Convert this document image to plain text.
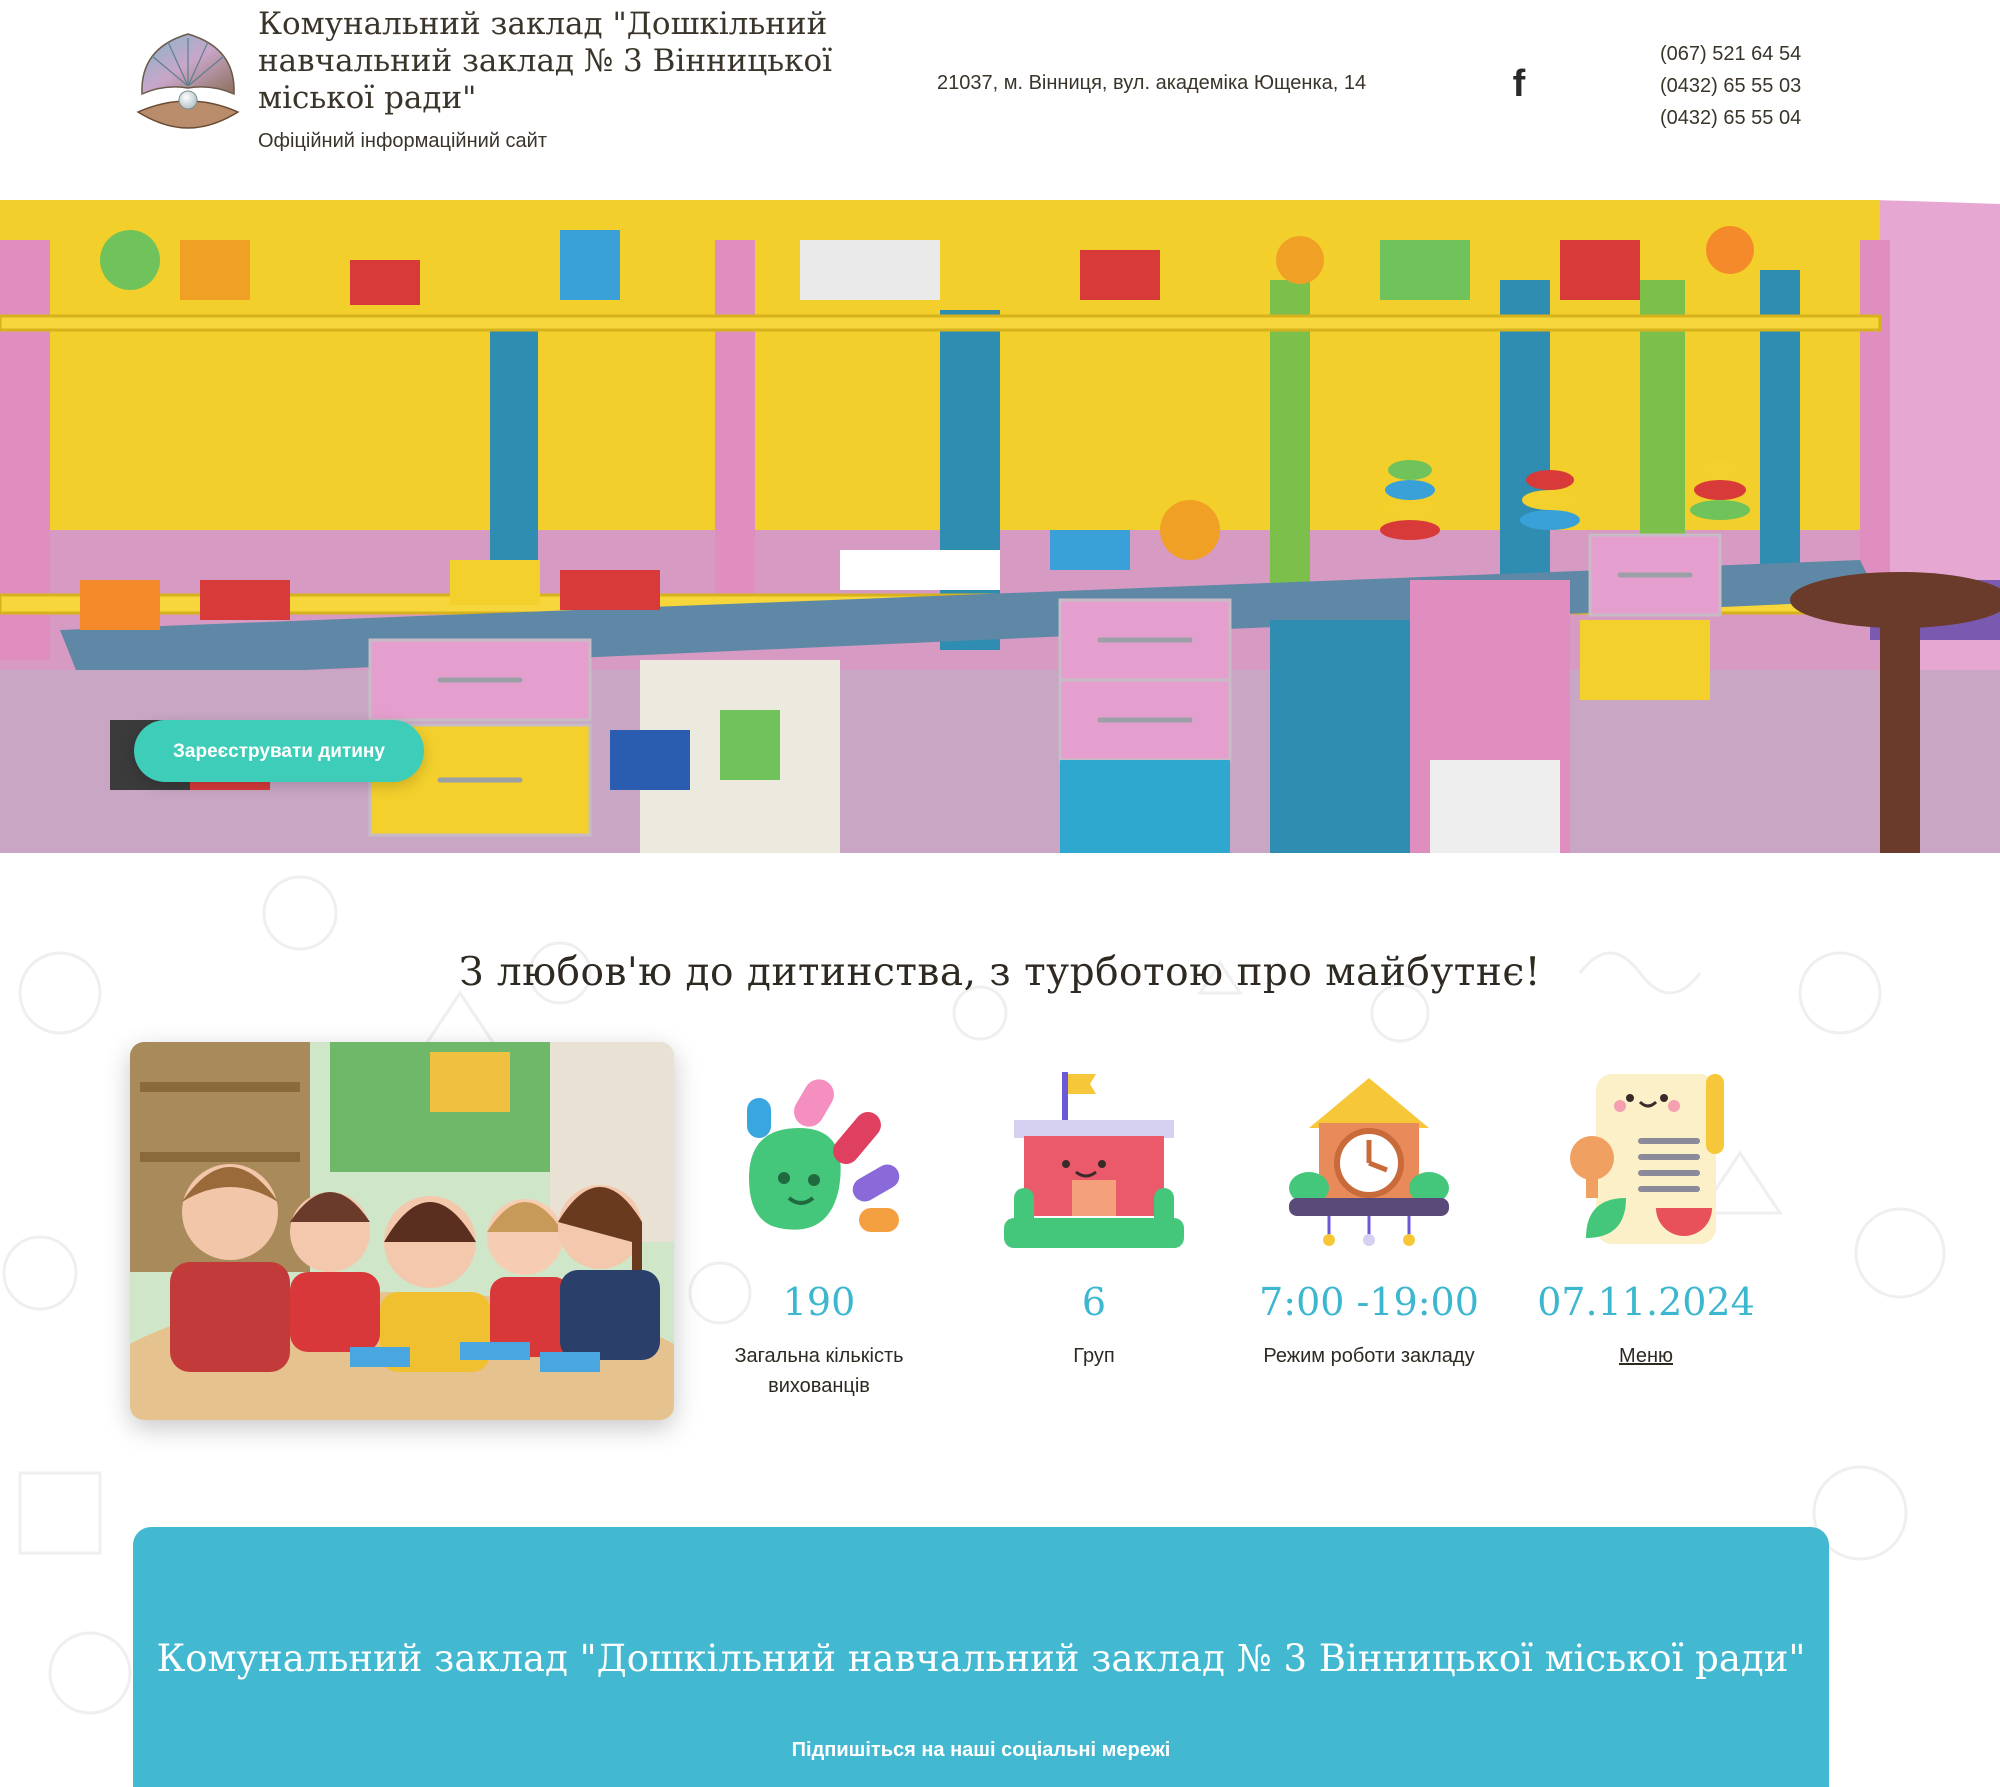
Комунальний заклад "Дошкільний навчальний заклад № 3 Вінницької міської ради"
Офіційний інформаційний сайт
21037, м. Вінниця, вул. академіка Ющенка, 14	f
(067) 521 64 54
(0432) 65 55 03
(0432) 65 55 04
Зареєструвати дитину
З любов'ю до дитинства, з турботою про майбутнє!
190
Загальна кількість вихованців
6
Груп
7:00 -19:00
Режим роботи закладу
07.11.2024
Меню
Комунальний заклад "Дошкільний навчальний заклад № 3 Вінницької міської ради"
Підпишіться на наші соціальні мережі
